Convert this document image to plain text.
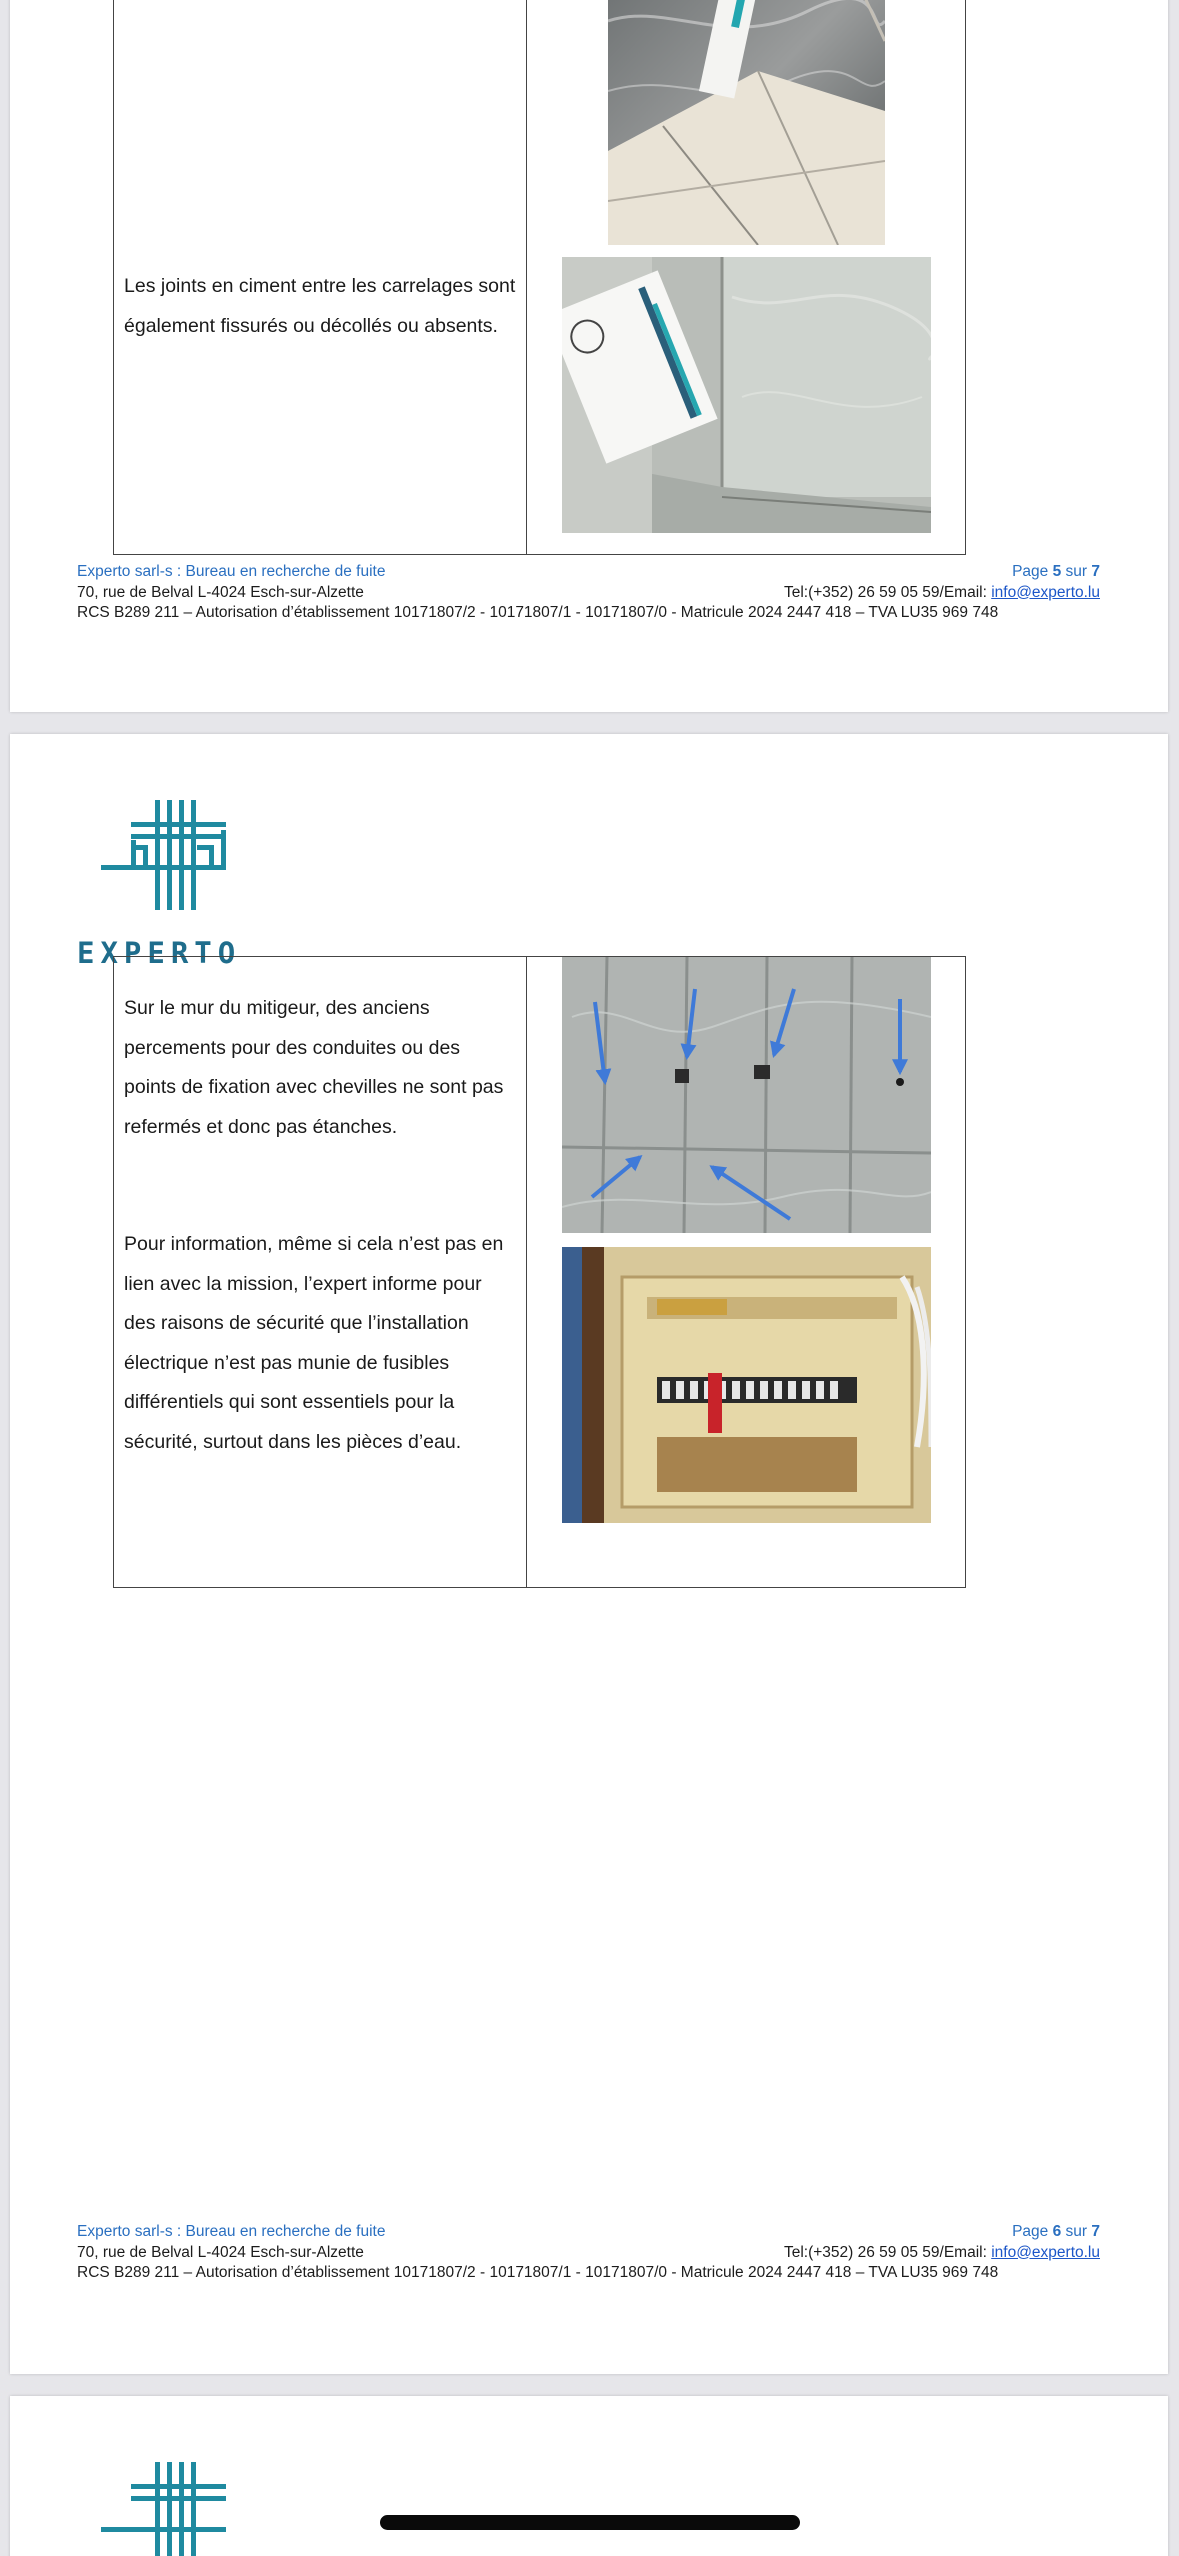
Les joints en ciment entre les carrelages sont également fissurés ou décollés ou absents.
Experto sarl-s : Bureau en recherche de fuite	Page 5 sur 7
70, rue de Belval L-4024 Esch-sur-Alzette	Tel:(+352) 26 59 05 59/Email: info@experto.lu
RCS B289 211 – Autorisation d’établissement 10171807/2 - 10171807/1 - 10171807/0 - Matricule 2024 2447 418 – TVA LU35 969 748
EXPERTO
Sur le mur du mitigeur, des anciens percements pour des conduites ou des points de fixation avec chevilles ne sont pas refermés et donc pas étanches.
Pour information, même si cela n’est pas en lien avec la mission, l’expert informe pour des raisons de sécurité que l’installation électrique n’est pas munie de fusibles différentiels qui sont essentiels pour la sécurité, surtout dans les pièces d’eau.
Experto sarl-s : Bureau en recherche de fuite	Page 6 sur 7
70, rue de Belval L-4024 Esch-sur-Alzette	Tel:(+352) 26 59 05 59/Email: info@experto.lu
RCS B289 211 – Autorisation d’établissement 10171807/2 - 10171807/1 - 10171807/0 - Matricule 2024 2447 418 – TVA LU35 969 748
